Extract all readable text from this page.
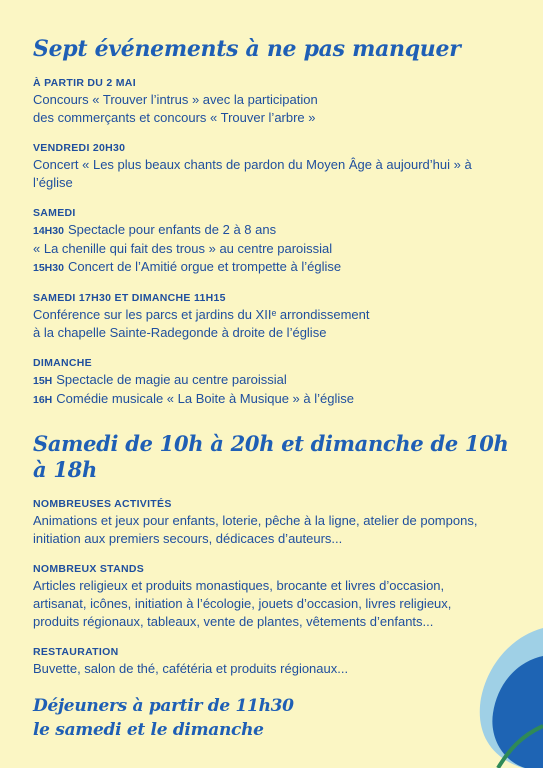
Sept événements à ne pas manquer
À PARTIR DU 2 MAI
Concours « Trouver l’intrus » avec la participation
des commerçants et concours « Trouver l’arbre »
VENDREDI 20H30
Concert « Les plus beaux chants de pardon du Moyen Âge à aujourd’hui » à
l’église
SAMEDI
14H30 Spectacle pour enfants de 2 à 8 ans
« La chenille qui fait des trous » au centre paroissial
15H30 Concert de l’Amitié orgue et trompette à l’église
SAMEDI 17H30 ET DIMANCHE 11H15
Conférence sur les parcs et jardins du XIIᵉ arrondissement
à la chapelle Sainte-Radegonde à droite de l’église
DIMANCHE
15H Spectacle de magie au centre paroissial
16H Comédie musicale « La Boite à Musique » à l’église
Samedi de 10h à 20h et dimanche de 10h à 18h
NOMBREUSES ACTIVITÉS
Animations et jeux pour enfants, loterie, pêche à la ligne, atelier de pompons,
initiation aux premiers secours, dédicaces d’auteurs...
NOMBREUX STANDS
Articles religieux et produits monastiques, brocante et livres d’occasion,
artisanat, icônes, initiation à l’écologie, jouets d’occasion, livres religieux,
produits régionaux, tableaux, vente de plantes, vêtements d’enfants...
RESTAURATION
Buvette, salon de thé, cafétéria et produits régionaux...
Déjeuners à partir de 11h30
le samedi et le dimanche
